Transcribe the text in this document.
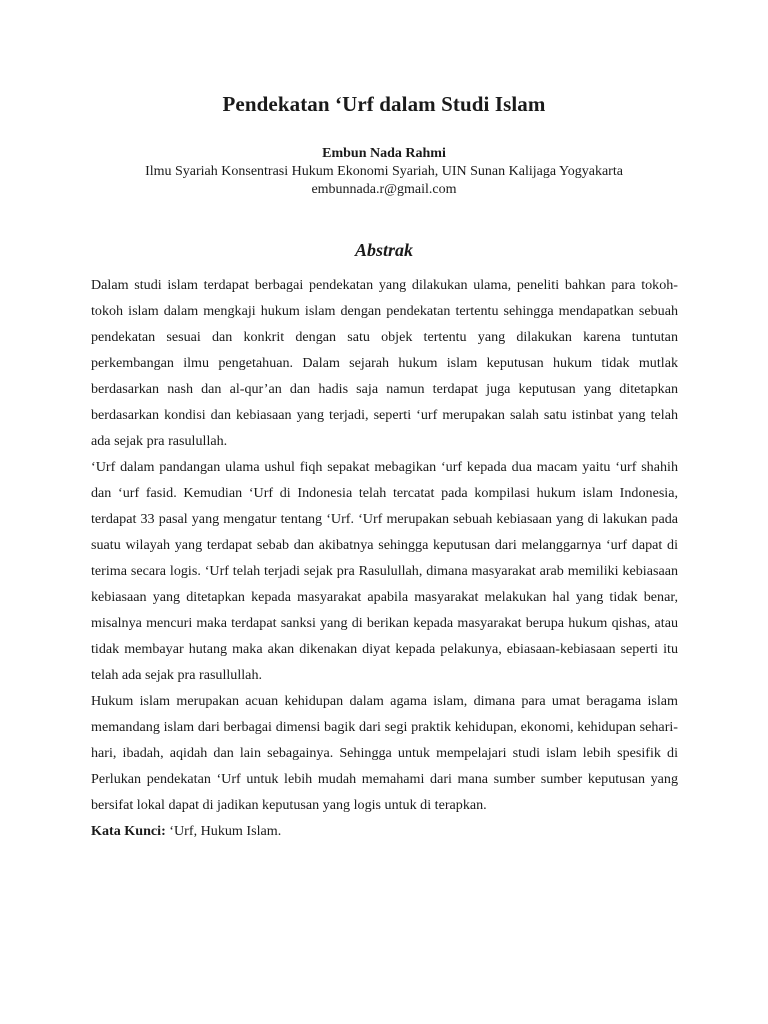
Pendekatan ‘Urf dalam Studi Islam
Embun Nada Rahmi
Ilmu Syariah Konsentrasi Hukum Ekonomi Syariah, UIN Sunan Kalijaga Yogyakarta
embunnada.r@gmail.com
Abstrak

Dalam studi islam terdapat berbagai pendekatan yang dilakukan ulama, peneliti bahkan para tokoh-tokoh islam dalam mengkaji hukum islam dengan pendekatan tertentu sehingga mendapatkan sebuah pendekatan sesuai dan konkrit dengan satu objek tertentu yang dilakukan karena tuntutan perkembangan ilmu pengetahuan. Dalam sejarah hukum islam keputusan hukum tidak mutlak berdasarkan nash dan al-qur’an dan hadis saja namun terdapat juga keputusan yang ditetapkan berdasarkan kondisi dan kebiasaan yang terjadi, seperti ‘urf merupakan salah satu istinbat yang telah ada sejak pra rasulullah.

‘Urf dalam pandangan ulama ushul fiqh sepakat mebagikan ‘urf kepada dua macam yaitu ‘urf shahih dan ‘urf fasid. Kemudian ‘Urf di Indonesia telah tercatat pada kompilasi hukum islam Indonesia, terdapat 33 pasal yang mengatur tentang ‘Urf. ‘Urf merupakan sebuah kebiasaan yang di lakukan pada suatu wilayah yang terdapat sebab dan akibatnya sehingga keputusan dari melanggarnya ‘urf dapat di terima secara logis. ‘Urf telah terjadi sejak pra Rasulullah, dimana masyarakat arab memiliki kebiasaan kebiasaan yang ditetapkan kepada masyarakat apabila masyarakat melakukan hal yang tidak benar, misalnya mencuri maka terdapat sanksi yang di berikan kepada masyarakat berupa hukum qishas, atau tidak membayar hutang maka akan dikenakan diyat kepada pelakunya, ebiasaan-kebiasaan seperti itu telah ada sejak pra rasullullah.

Hukum islam merupakan acuan kehidupan dalam agama islam, dimana para umat beragama islam memandang islam dari berbagai dimensi bagik dari segi praktik kehidupan, ekonomi, kehidupan sehari-hari, ibadah, aqidah dan lain sebagainya. Sehingga untuk mempelajari studi islam lebih spesifik di Perlukan pendekatan ‘Urf untuk lebih mudah memahami dari mana sumber sumber keputusan yang bersifat lokal dapat di jadikan keputusan yang logis untuk di terapkan.

Kata Kunci: ‘Urf, Hukum Islam.
